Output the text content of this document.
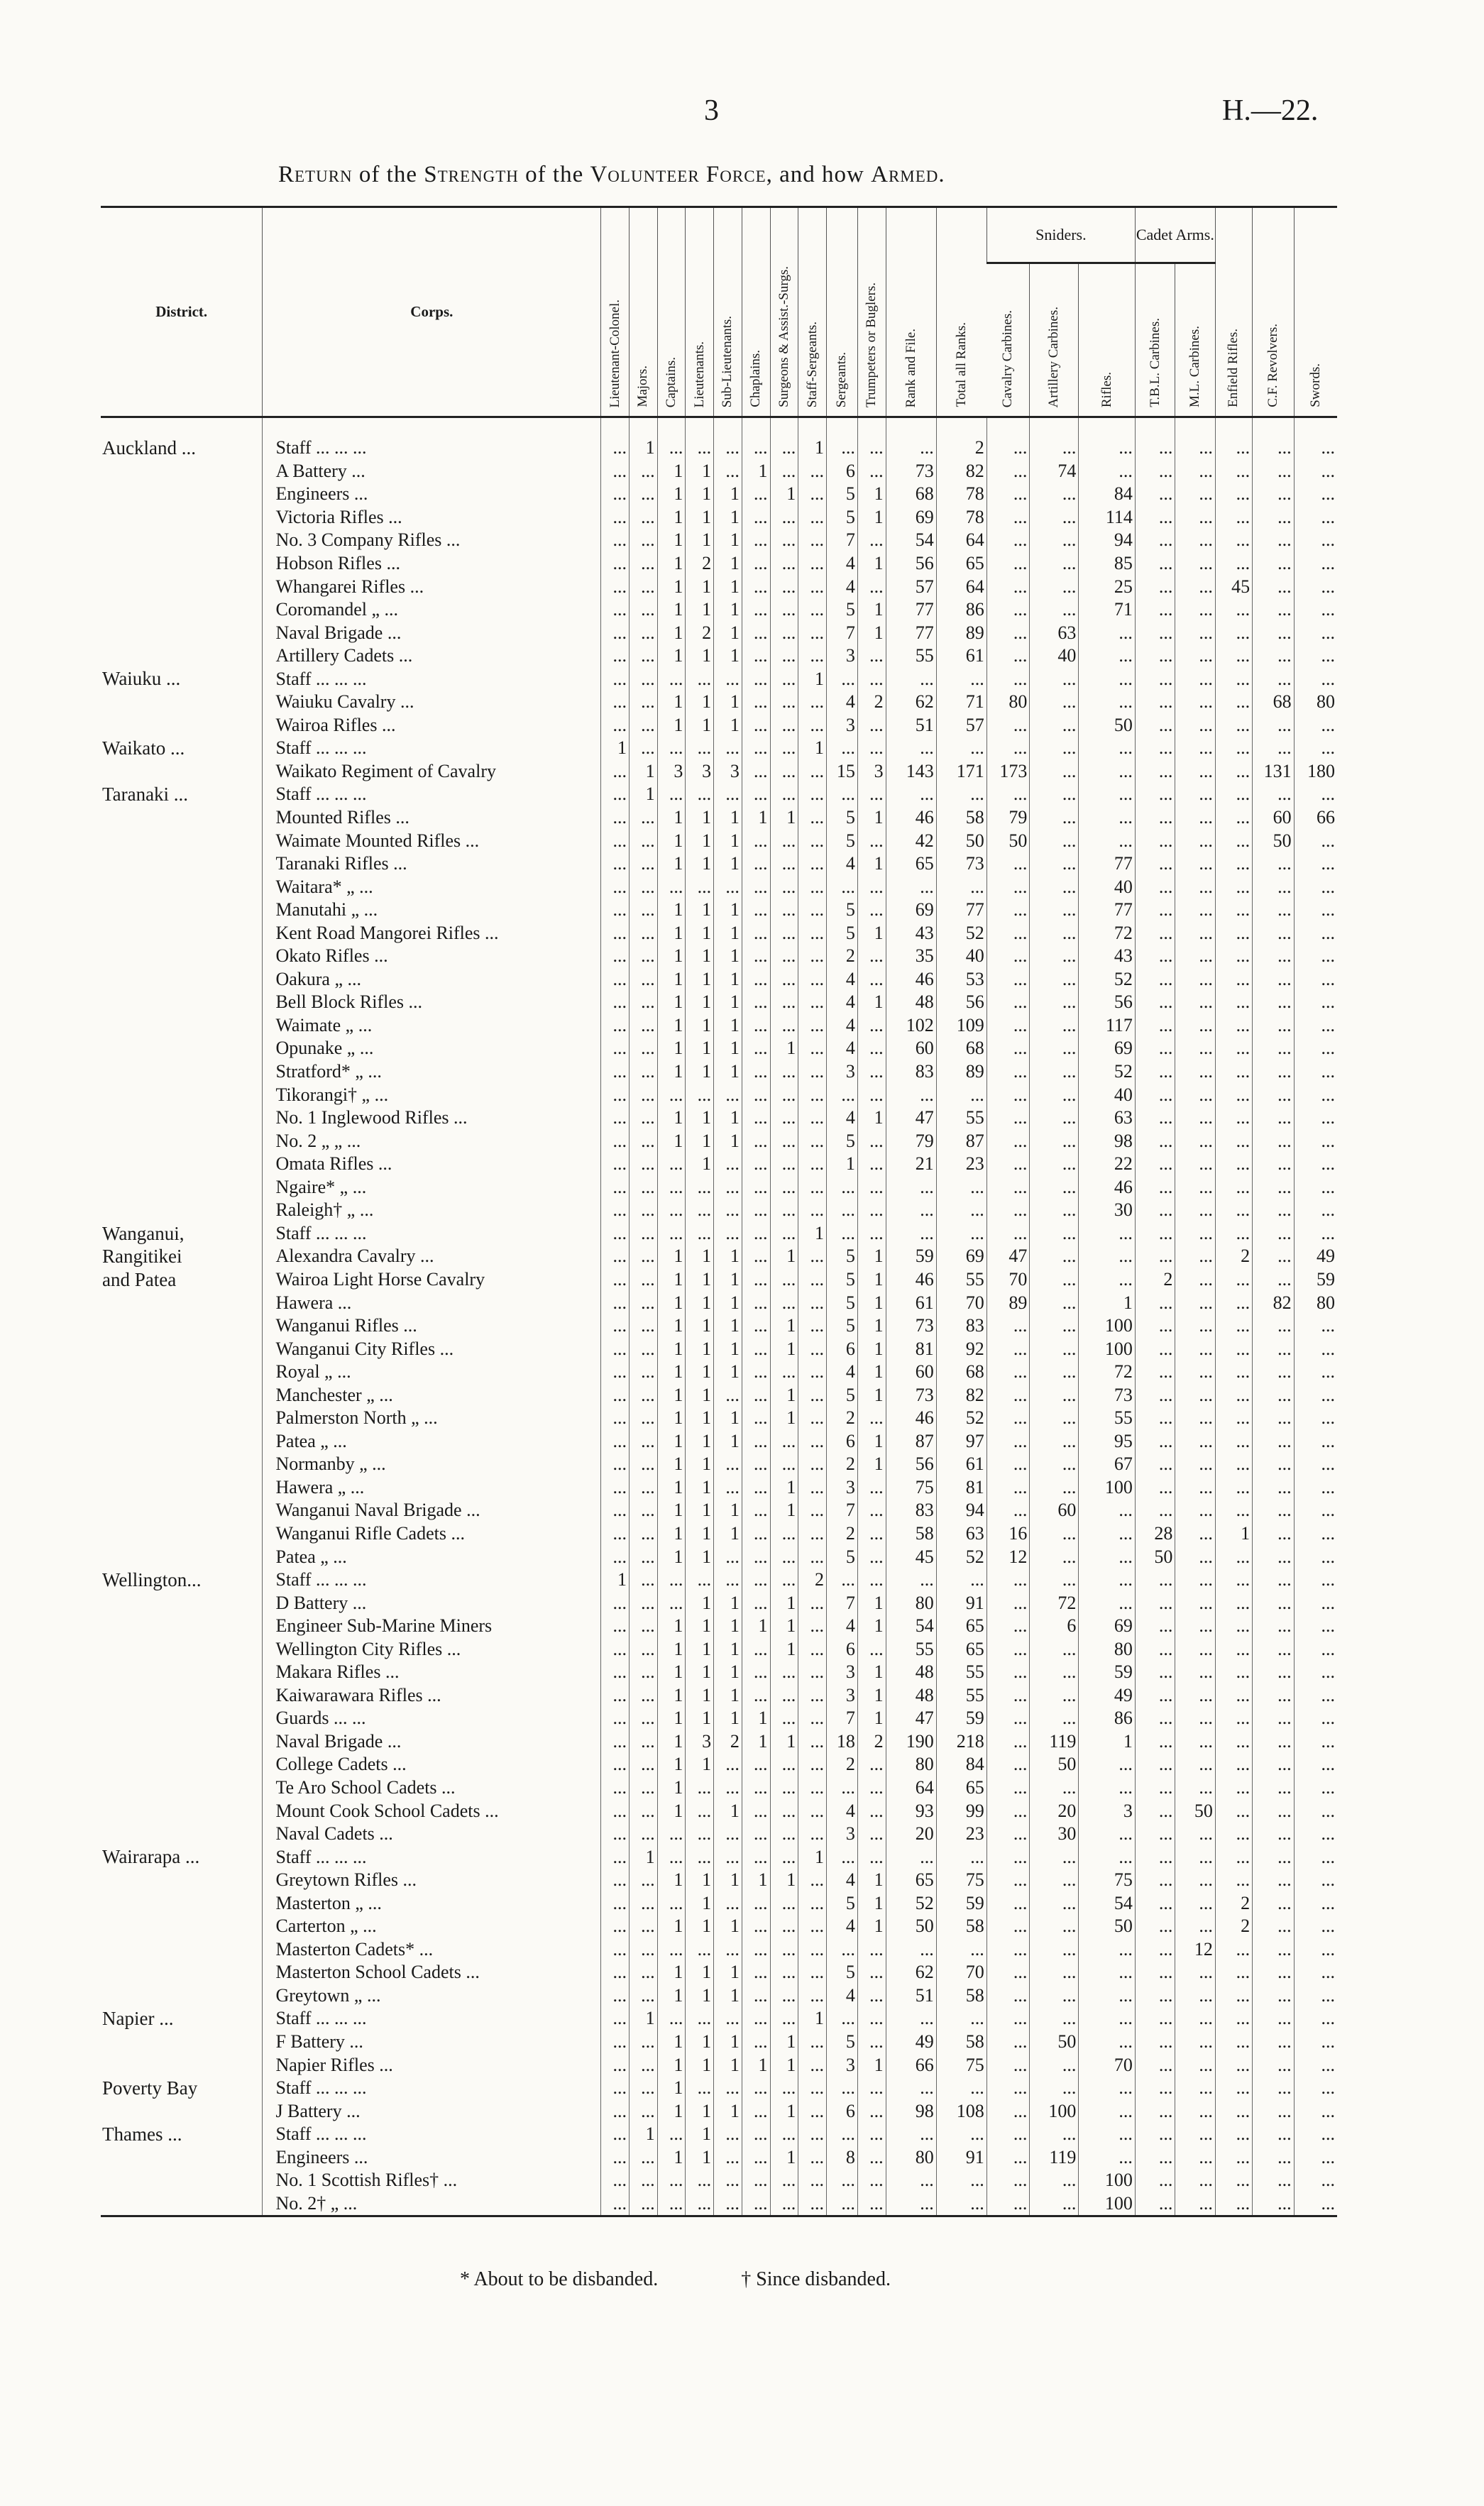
3	H.—22.
Return of the Strength of the Volunteer Force, and how Armed.
District.	Corps.	Lieutenant-Colonel.	Majors.	Captains.	Lieutenants.	Sub-Lieutenants.	Chaplains.	Surgeons & Assist.-Surgs.	Staff-Sergeants.	Sergeants.	Trumpeters or Buglers.	Rank and File.	Total all Ranks.	Sniders.			Cadet Arms.		Enfield Rifles.	C.F. Revolvers.	Swords.
														Cavalry Carbines.	Artillery Carbines.	Rifles.	T.B.L. Carbines.	M.L. Carbines.			
Auckland ...	Staff ... ... ...	...	1	...	...	...	...	...	1	...	...	...	2	...	...	...	...	...	...	...	...
	A Battery ...	...	...	1	1	...	1	...	...	6	...	73	82	...	74	...	...	...	...	...	...
	Engineers ...	...	...	1	1	1	...	1	...	5	1	68	78	...	...	84	...	...	...	...	...
	Victoria Rifles ...	...	...	1	1	1	...	...	...	5	1	69	78	...	...	114	...	...	...	...	...
	No. 3 Company Rifles ...	...	...	1	1	1	...	...	...	7	...	54	64	...	...	94	...	...	...	...	...
	Hobson Rifles ...	...	...	1	2	1	...	...	...	4	1	56	65	...	...	85	...	...	...	...	...
	Whangarei Rifles ...	...	...	1	1	1	...	...	...	4	...	57	64	...	...	25	...	...	45	...	...
	Coromandel „ ...	...	...	1	1	1	...	...	...	5	1	77	86	...	...	71	...	...	...	...	...
	Naval Brigade ...	...	...	1	2	1	...	...	...	7	1	77	89	...	63	...	...	...	...	...	...
	Artillery Cadets ...	...	...	1	1	1	...	...	...	3	...	55	61	...	40	...	...	...	...	...	...
Waiuku ...	Staff ... ... ...	...	...	...	...	...	...	...	1	...	...	...	...	...	...	...	...	...	...	...	...
	Waiuku Cavalry ...	...	...	1	1	1	...	...	...	4	2	62	71	80	...	...	...	...	...	68	80
	Wairoa Rifles ...	...	...	1	1	1	...	...	...	3	...	51	57	...	...	50	...	...	...	...	...
Waikato ...	Staff ... ... ...	1	...	...	...	...	...	...	1	...	...	...	...	...	...	...	...	...	...	...	...
	Waikato Regiment of Cavalry	...	1	3	3	3	...	...	...	15	3	143	171	173	...	...	...	...	...	131	180
Taranaki ...	Staff ... ... ...	...	1	...	...	...	...	...	...	...	...	...	...	...	...	...	...	...	...	...	...
	Mounted Rifles ...	...	...	1	1	1	1	1	...	5	1	46	58	79	...	...	...	...	...	60	66
	Waimate Mounted Rifles ...	...	...	1	1	1	...	...	...	5	...	42	50	50	...	...	...	...	...	50	...
	Taranaki Rifles ...	...	...	1	1	1	...	...	...	4	1	65	73	...	...	77	...	...	...	...	...
	Waitara* „ ...	...	...	...	...	...	...	...	...	...	...	...	...	...	...	40	...	...	...	...	...
	Manutahi „ ...	...	...	1	1	1	...	...	...	5	...	69	77	...	...	77	...	...	...	...	...
	Kent Road Mangorei Rifles ...	...	...	1	1	1	...	...	...	5	1	43	52	...	...	72	...	...	...	...	...
	Okato Rifles ...	...	...	1	1	1	...	...	...	2	...	35	40	...	...	43	...	...	...	...	...
	Oakura „ ...	...	...	1	1	1	...	...	...	4	...	46	53	...	...	52	...	...	...	...	...
	Bell Block Rifles ...	...	...	1	1	1	...	...	...	4	1	48	56	...	...	56	...	...	...	...	...
	Waimate „ ...	...	...	1	1	1	...	...	...	4	...	102	109	...	...	117	...	...	...	...	...
	Opunake „ ...	...	...	1	1	1	...	1	...	4	...	60	68	...	...	69	...	...	...	...	...
	Stratford* „ ...	...	...	1	1	1	...	...	...	3	...	83	89	...	...	52	...	...	...	...	...
	Tikorangi† „ ...	...	...	...	...	...	...	...	...	...	...	...	...	...	...	40	...	...	...	...	...
	No. 1 Inglewood Rifles ...	...	...	1	1	1	...	...	...	4	1	47	55	...	...	63	...	...	...	...	...
	No. 2 „ „ ...	...	...	1	1	1	...	...	...	5	...	79	87	...	...	98	...	...	...	...	...
	Omata Rifles ...	...	...	...	1	...	...	...	...	1	...	21	23	...	...	22	...	...	...	...	...
	Ngaire* „ ...	...	...	...	...	...	...	...	...	...	...	...	...	...	...	46	...	...	...	...	...
	Raleigh† „ ...	...	...	...	...	...	...	...	...	...	...	...	...	...	...	30	...	...	...	...	...
Wanganui,	Staff ... ... ...	...	...	...	...	...	...	...	1	...	...	...	...	...	...	...	...	...	...	...	...
Rangitikei	Alexandra Cavalry ...	...	...	1	1	1	...	1	...	5	1	59	69	47	...	...	...	...	2	...	49
and Patea	Wairoa Light Horse Cavalry	...	...	1	1	1	...	...	...	5	1	46	55	70	...	...	2	...	...	...	59
	Hawera ...	...	...	1	1	1	...	...	...	5	1	61	70	89	...	1	...	...	...	82	80
	Wanganui Rifles ...	...	...	1	1	1	...	1	...	5	1	73	83	...	...	100	...	...	...	...	...
	Wanganui City Rifles ...	...	...	1	1	1	...	1	...	6	1	81	92	...	...	100	...	...	...	...	...
	Royal „ ...	...	...	1	1	1	...	...	...	4	1	60	68	...	...	72	...	...	...	...	...
	Manchester „ ...	...	...	1	1	...	...	1	...	5	1	73	82	...	...	73	...	...	...	...	...
	Palmerston North „ ...	...	...	1	1	1	...	1	...	2	...	46	52	...	...	55	...	...	...	...	...
	Patea „ ...	...	...	1	1	1	...	...	...	6	1	87	97	...	...	95	...	...	...	...	...
	Normanby „ ...	...	...	1	1	...	...	...	...	2	1	56	61	...	...	67	...	...	...	...	...
	Hawera „ ...	...	...	1	1	...	...	1	...	3	...	75	81	...	...	100	...	...	...	...	...
	Wanganui Naval Brigade ...	...	...	1	1	1	...	1	...	7	...	83	94	...	60	...	...	...	...	...	...
	Wanganui Rifle Cadets ...	...	...	1	1	1	...	...	...	2	...	58	63	16	...	...	28	...	1	...	...
	Patea „ ...	...	...	1	1	...	...	...	...	5	...	45	52	12	...	...	50	...	...	...	...
Wellington...	Staff ... ... ...	1	...	...	...	...	...	...	2	...	...	...	...	...	...	...	...	...	...	...	...
	D Battery ...	...	...	...	1	1	...	1	...	7	1	80	91	...	72	...	...	...	...	...	...
	Engineer Sub-Marine Miners	...	...	1	1	1	1	1	...	4	1	54	65	...	6	69	...	...	...	...	...
	Wellington City Rifles ...	...	...	1	1	1	...	1	...	6	...	55	65	...	...	80	...	...	...	...	...
	Makara Rifles ...	...	...	1	1	1	...	...	...	3	1	48	55	...	...	59	...	...	...	...	...
	Kaiwarawara Rifles ...	...	...	1	1	1	...	...	...	3	1	48	55	...	...	49	...	...	...	...	...
	Guards ... ...	...	...	1	1	1	1	...	...	7	1	47	59	...	...	86	...	...	...	...	...
	Naval Brigade ...	...	...	1	3	2	1	1	...	18	2	190	218	...	119	1	...	...	...	...	...
	College Cadets ...	...	...	1	1	...	...	...	...	2	...	80	84	...	50	...	...	...	...	...	...
	Te Aro School Cadets ...	...	...	1	...	...	...	...	...	...	...	64	65	...	...	...	...	...	...	...	...
	Mount Cook School Cadets ...	...	...	1	...	1	...	...	...	4	...	93	99	...	20	3	...	50	...	...	...
	Naval Cadets ...	...	...	...	...	...	...	...	...	3	...	20	23	...	30	...	...	...	...	...	...
Wairarapa ...	Staff ... ... ...	...	1	...	...	...	...	...	1	...	...	...	...	...	...	...	...	...	...	...	...
	Greytown Rifles ...	...	...	1	1	1	1	1	...	4	1	65	75	...	...	75	...	...	...	...	...
	Masterton „ ...	...	...	...	1	...	...	...	...	5	1	52	59	...	...	54	...	...	2	...	...
	Carterton „ ...	...	...	1	1	1	...	...	...	4	1	50	58	...	...	50	...	...	2	...	...
	Masterton Cadets* ...	...	...	...	...	...	...	...	...	...	...	...	...	...	...	...	...	12	...	...	...
	Masterton School Cadets ...	...	...	1	1	1	...	...	...	5	...	62	70	...	...	...	...	...	...	...	...
	Greytown „ ...	...	...	1	1	1	...	...	...	4	...	51	58	...	...	...	...	...	...	...	...
Napier ...	Staff ... ... ...	...	1	...	...	...	...	...	1	...	...	...	...	...	...	...	...	...	...	...	...
	F Battery ...	...	...	1	1	1	...	1	...	5	...	49	58	...	50	...	...	...	...	...	...
	Napier Rifles ...	...	...	1	1	1	1	1	...	3	1	66	75	...	...	70	...	...	...	...	...
Poverty Bay	Staff ... ... ...	...	...	1	...	...	...	...	...	...	...	...	...	...	...	...	...	...	...	...	...
	J Battery ...	...	...	1	1	1	...	1	...	6	...	98	108	...	100	...	...	...	...	...	...
Thames ...	Staff ... ... ...	...	1	...	1	...	...	...	...	...	...	...	...	...	...	...	...	...	...	...	...
	Engineers ...	...	...	1	1	...	...	1	...	8	...	80	91	...	119	...	...	...	...	...	...
	No. 1 Scottish Rifles† ...	...	...	...	...	...	...	...	...	...	...	...	...	...	...	100	...	...	...	...	...
	No. 2† „ ...	...	...	...	...	...	...	...	...	...	...	...	...	...	...	100	...	...	...	...	...
* About to be disbanded.	† Since disbanded.
